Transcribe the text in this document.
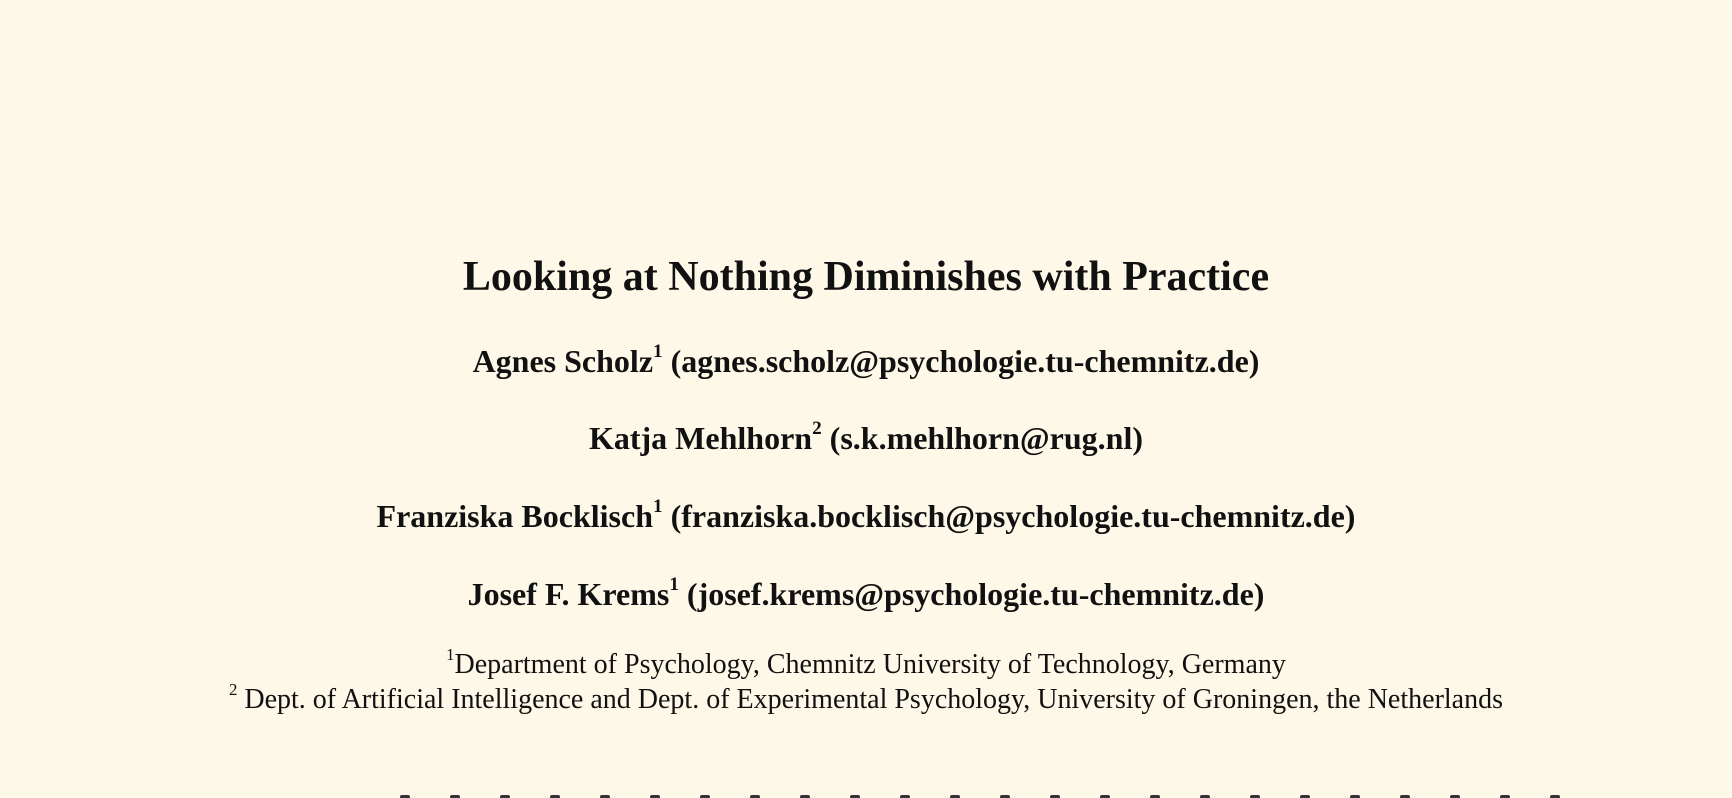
Looking at Nothing Diminishes with Practice
Agnes Scholz$^1$ (agnes.scholz@psychologie.tu-chemnitz.de)
Katja Mehlhorn$^2$ (s.k.mehlhorn@rug.nl)
Franziska Bocklisch$^1$ (franziska.bocklisch@psychologie.tu-chemnitz.de)
Josef F. Krems$^1$ (josef.krems@psychologie.tu-chemnitz.de)
$^1$Department of Psychology, Chemnitz University of Technology, Germany
$^2$ Dept. of Artificial Intelligence and Dept. of Experimental Psychology, University of Groningen, the Netherlands
